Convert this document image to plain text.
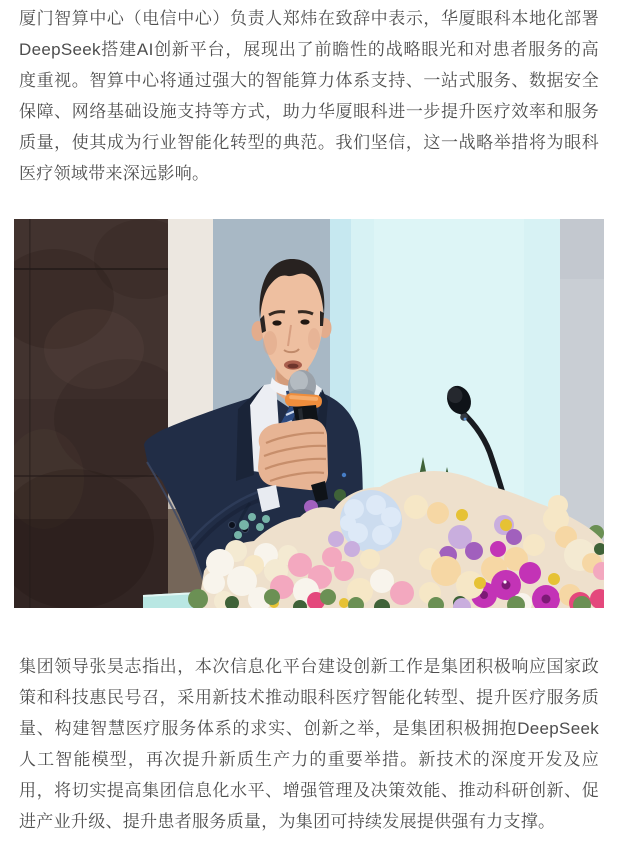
厦门智算中心（电信中心）负责人郑炜在致辞中表示，华厦眼科本地化部署DeepSeek搭建AI创新平台，展现出了前瞻性的战略眼光和对患者服务的高度重视。智算中心将通过强大的智能算力体系支持、一站式服务、数据安全保障、网络基础设施支持等方式，助力华厦眼科进一步提升医疗效率和服务质量，使其成为行业智能化转型的典范。我们坚信，这一战略举措将为眼科医疗领域带来深远影响。

集团领导张昊志指出，本次信息化平台建设创新工作是集团积极响应国家政策和科技惠民号召，采用新技术推动眼科医疗智能化转型、提升医疗服务质量、构建智慧医疗服务体系的求实、创新之举，是集团积极拥抱DeepSeek人工智能模型，再次提升新质生产力的重要举措。新技术的深度开发及应用，将切实提高集团信息化水平、增强管理及决策效能、推动科研创新、促进产业升级、提升患者服务质量，为集团可持续发展提供强有力支撑。
